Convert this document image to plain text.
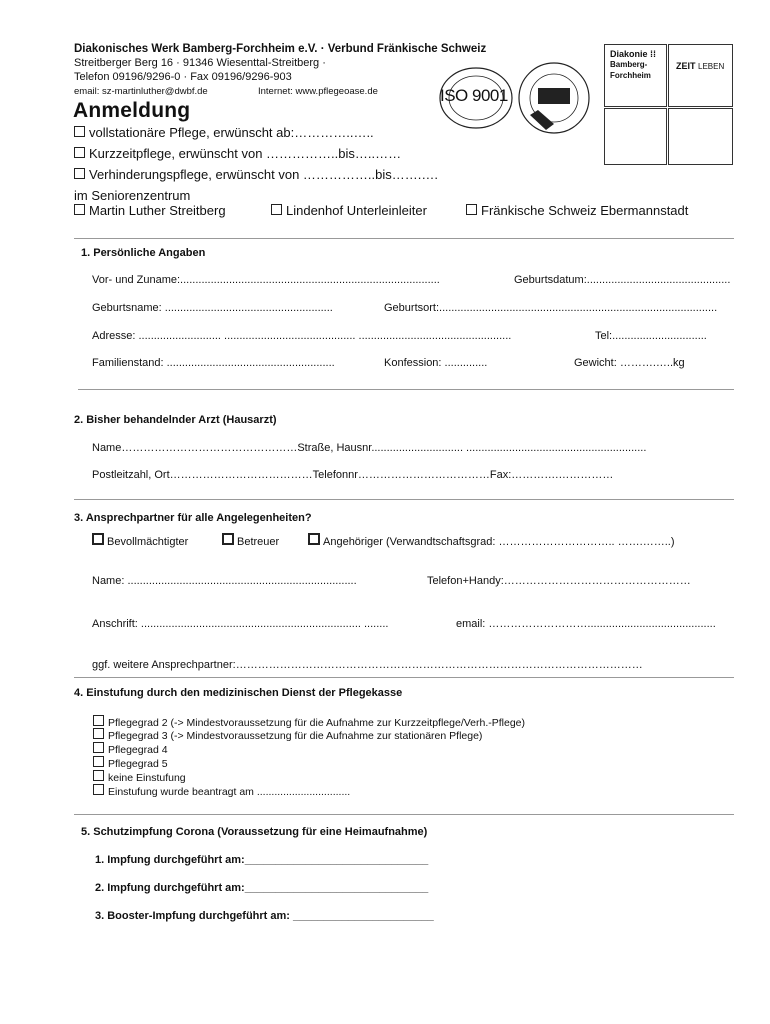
Diakonisches Werk Bamberg-Forchheim e.V. · Verbund Fränkische Schweiz
Streitberger Berg 16 · 91346 Wiesenttal-Streitberg ·
Telefon 09196/9296-0 · Fax 09196/9296-903
email: sz-martinluther@dwbf.de	Internet: www.pflegeoase.de	ISO 9001
Diakonie ⁞⁞
Bamberg-
Forchheim
ZEIT LEBEN
Anmeldung
vollstationäre Pflege, erwünscht ab:…………..…..
Kurzzeitpflege, erwünscht von ……………..bis…..……
Verhinderungspflege, erwünscht von ……………..bis…….….
im Seniorenzentrum
Martin Luther Streitberg	Lindenhof Unterleinleiter	Fränkische Schweiz Ebermannstadt
1. Persönliche Angaben
Vor- und Zuname:.....................................................................................	Geburtsdatum:...............................................
Geburtsname: .......................................................	Geburtsort:...........................................................................................
Adresse: ........................... ........................................... ..................................................	Tel:...............................
Familienstand: .......................................................	Konfession: ..............	Gewicht: ……….…..kg
2. Bisher behandelnder Arzt (Hausarzt)
Name…………………………………………Straße, Hausnr.............................. ...........................................................
Postleitzahl, Ort…………………………………Telefonnr………………………………Fax:………….……………
3. Ansprechpartner für alle Angelegenheiten?
Bevollmächtigter	Betreuer	Angehöriger (Verwandtschaftsgrad: ………………………….. …….……..)
Name: ...........................................................................	Telefon+Handy:……………………………………………
Anschrift: ........................................................................ ........	email: ………………………..........................................
ggf. weitere Ansprechpartner:…………………………………………………………………………………………………
4. Einstufung durch den medizinischen Dienst der Pflegekasse
Pflegegrad 2 (-> Mindestvoraussetzung für die Aufnahme zur Kurzzeitpflege/Verh.-Pflege)
Pflegegrad 3 (-> Mindestvoraussetzung für die Aufnahme zur stationären Pflege)
Pflegegrad 4
Pflegegrad 5
keine Einstufung
Einstufung wurde beantragt am ................................
5. Schutzimpfung Corona (Voraussetzung für eine Heimaufnahme)
1. Impfung durchgeführt am:______________________________
2. Impfung durchgeführt am:______________________________
3. Booster-Impfung durchgeführt am: _______________________
